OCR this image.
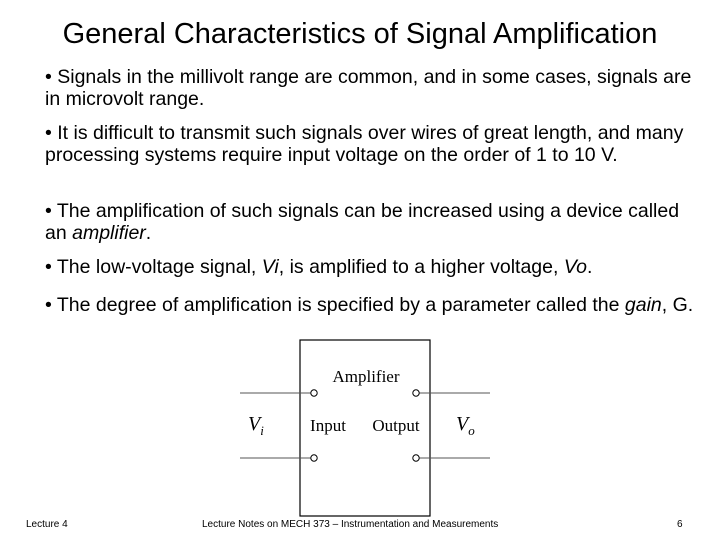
General Characteristics of Signal Amplification

• Signals in the millivolt range are common, and in some cases, signals are in microvolt range.

• It is difficult to transmit such signals over wires of great length, and many processing systems require input voltage on the order of 1 to 10 V.

• The amplification of such signals can be increased using a device called an amplifier.

• The low-voltage signal, Vi, is amplified to a higher voltage, Vo.

• The degree of amplification is specified by a parameter called the gain, G.

Amplifier
Input Output
$V_i$	$V_o$
Lecture 4	Lecture Notes on MECH 373 – Instrumentation and Measurements	6
